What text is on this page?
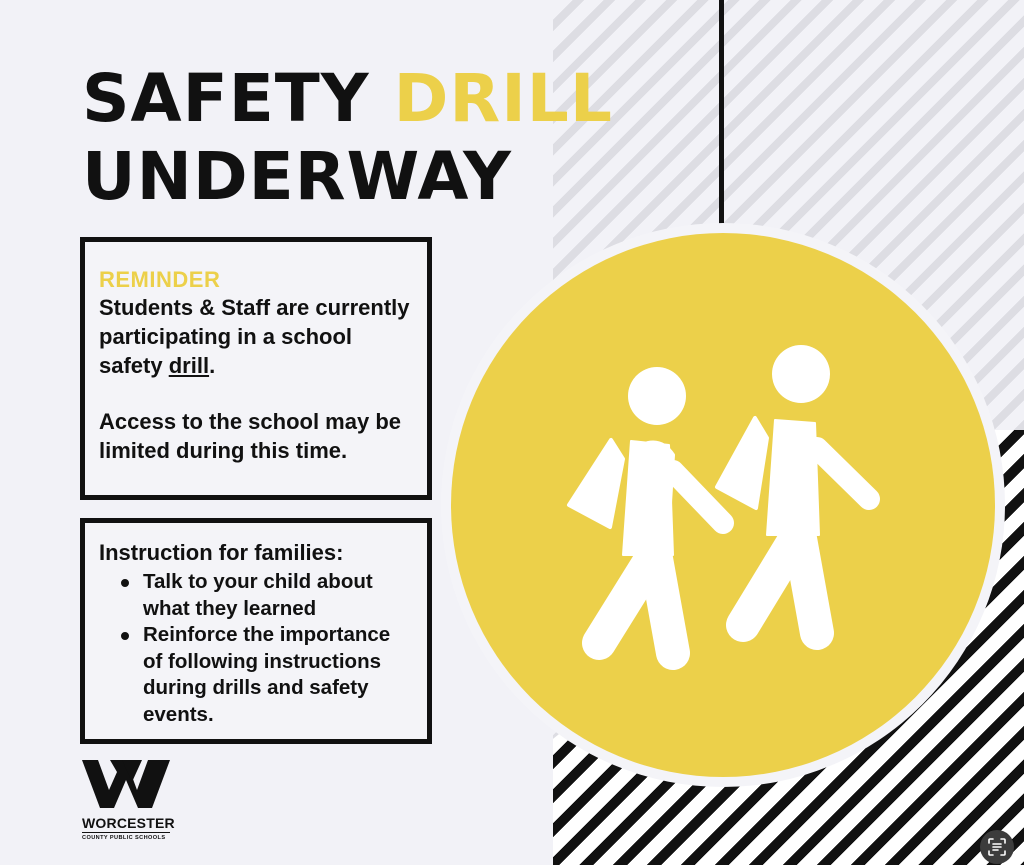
SAFETY DRILL
UNDERWAY
REMINDER
Students & Staff are currently participating in a school safety drill.
Access to the school may be limited during this time.
Instruction for families:
Talk to your child about what they learned
Reinforce the importance of following instructions during drills and safety events.
WORCESTER
COUNTY PUBLIC SCHOOLS
